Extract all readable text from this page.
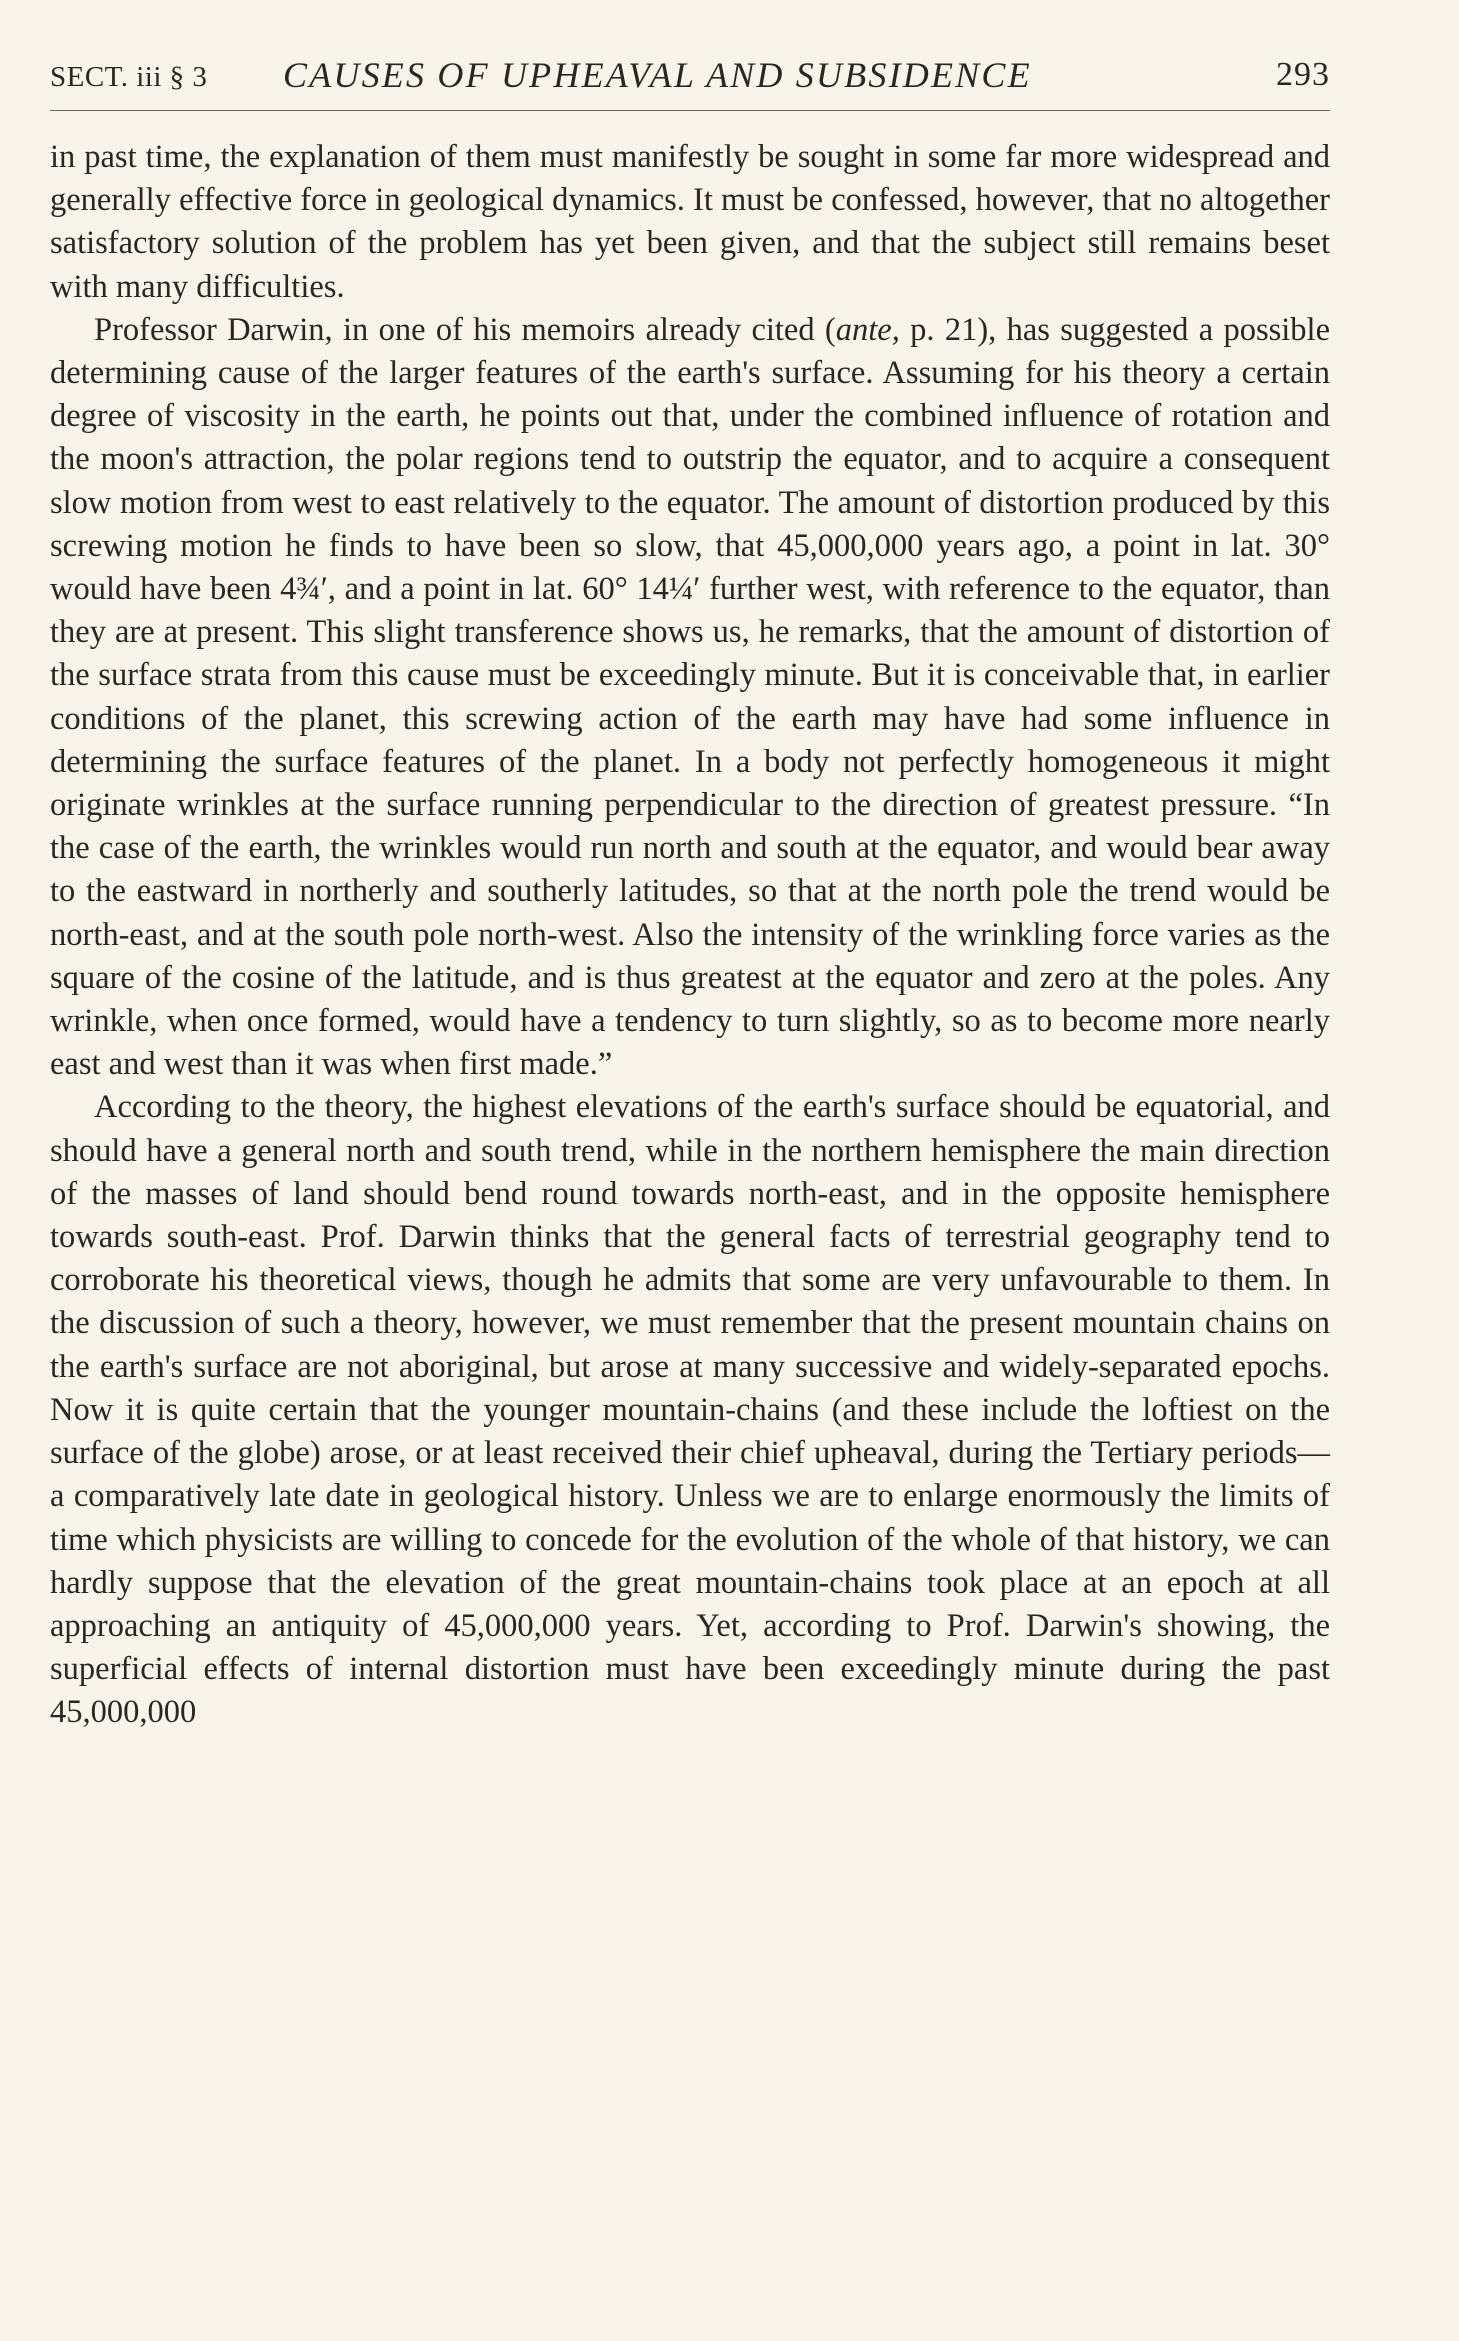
SECT. iii § 3 CAUSES OF UPHEAVAL AND SUBSIDENCE	293

in past time, the explanation of them must manifestly be sought in some far more widespread and generally effective force in geological dynamics. It must be confessed, however, that no altogether satisfactory solution of the problem has yet been given, and that the subject still remains beset with many difficulties.

Professor Darwin, in one of his memoirs already cited (ante, p. 21), has suggested a possible determining cause of the larger features of the earth's surface. Assuming for his theory a certain degree of viscosity in the earth, he points out that, under the combined influence of rotation and the moon's attraction, the polar regions tend to outstrip the equator, and to acquire a consequent slow motion from west to east relatively to the equator. The amount of distortion produced by this screwing motion he finds to have been so slow, that 45,000,000 years ago, a point in lat. 30° would have been 4¾′, and a point in lat. 60° 14¼′ further west, with reference to the equator, than they are at present. This slight transference shows us, he remarks, that the amount of distortion of the surface strata from this cause must be exceedingly minute. But it is conceivable that, in earlier conditions of the planet, this screwing action of the earth may have had some influence in determining the surface features of the planet. In a body not perfectly homogeneous it might originate wrinkles at the surface running perpendicular to the direction of greatest pressure. “In the case of the earth, the wrinkles would run north and south at the equator, and would bear away to the eastward in northerly and southerly latitudes, so that at the north pole the trend would be north-east, and at the south pole north-west. Also the intensity of the wrinkling force varies as the square of the cosine of the latitude, and is thus greatest at the equator and zero at the poles. Any wrinkle, when once formed, would have a tendency to turn slightly, so as to become more nearly east and west than it was when first made.”

According to the theory, the highest elevations of the earth's surface should be equatorial, and should have a general north and south trend, while in the northern hemisphere the main direction of the masses of land should bend round towards north-east, and in the opposite hemisphere towards south-east. Prof. Darwin thinks that the general facts of terrestrial geography tend to corroborate his theoretical views, though he admits that some are very unfavourable to them. In the discussion of such a theory, however, we must remember that the present mountain chains on the earth's surface are not aboriginal, but arose at many successive and widely-separated epochs. Now it is quite certain that the younger mountain-chains (and these include the loftiest on the surface of the globe) arose, or at least received their chief upheaval, during the Tertiary periods—a comparatively late date in geological history. Unless we are to enlarge enormously the limits of time which physicists are willing to concede for the evolution of the whole of that history, we can hardly suppose that the elevation of the great mountain-chains took place at an epoch at all approaching an antiquity of 45,000,000 years. Yet, according to Prof. Darwin's showing, the superficial effects of internal distortion must have been exceedingly minute during the past 45,000,000
